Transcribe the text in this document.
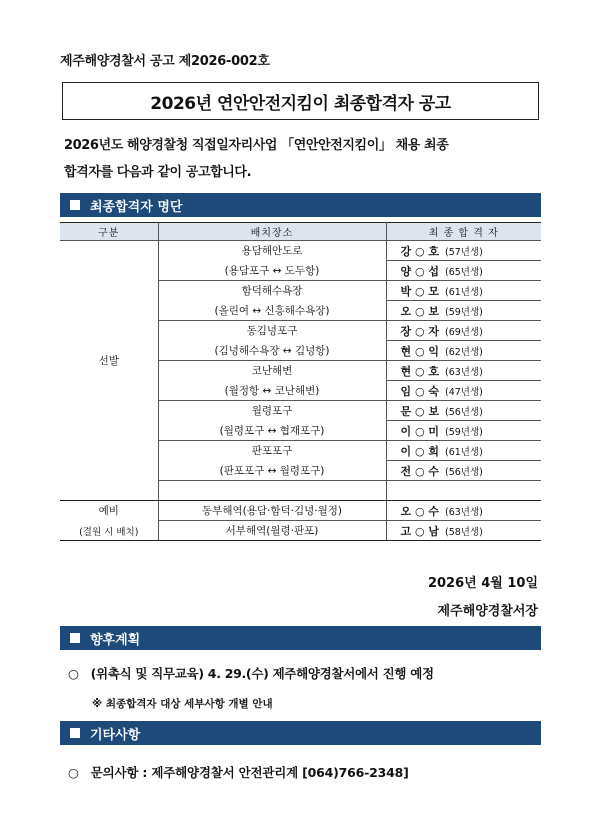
제주해양경찰서 공고 제2026-002호
2026년 연안안전지킴이 최종합격자 공고
2026년도 해양경찰청 직접일자리사업 「연안안전지킴이」 채용 최종
합격자를 다음과 같이 공고합니다.
최종합격자 명단
구분	배치장소	최 종 합 격 자
선발	용담해안도로	강 ○ 호 (57년생)
	(용담포구 ↔ 도두항)	양 ○ 섭 (65년생)
	함덕해수욕장	박 ○ 모 (61년생)
	(올린여 ↔ 신흥해수욕장)	오 ○ 보 (59년생)
	동김녕포구	장 ○ 자 (69년생)
	(김녕해수욕장 ↔ 김녕항)	현 ○ 익 (62년생)
	코난해변	현 ○ 호 (63년생)
	(월정항 ↔ 코난해변)	임 ○ 숙 (47년생)
	월령포구	문 ○ 보 (56년생)
	(월령포구 ↔ 협재포구)	이 ○ 미 (59년생)
	판포포구	이 ○ 희 (61년생)
	(판포포구 ↔ 월령포구)	전 ○ 수 (56년생)

예비
(결원 시 배치)	동부해역(용담·함덕·김녕·월정)	오 ○ 수 (63년생)
	서부해역(월령·판포)	고 ○ 남 (58년생)
2026년 4월 10일
제주해양경찰서장
향후계획
○ (위촉식 및 직무교육) 4. 29.(수) 제주해양경찰서에서 진행 예정
※ 최종합격자 대상 세부사항 개별 안내
기타사항
○ 문의사항 : 제주해양경찰서 안전관리계 [064)766-2348]
